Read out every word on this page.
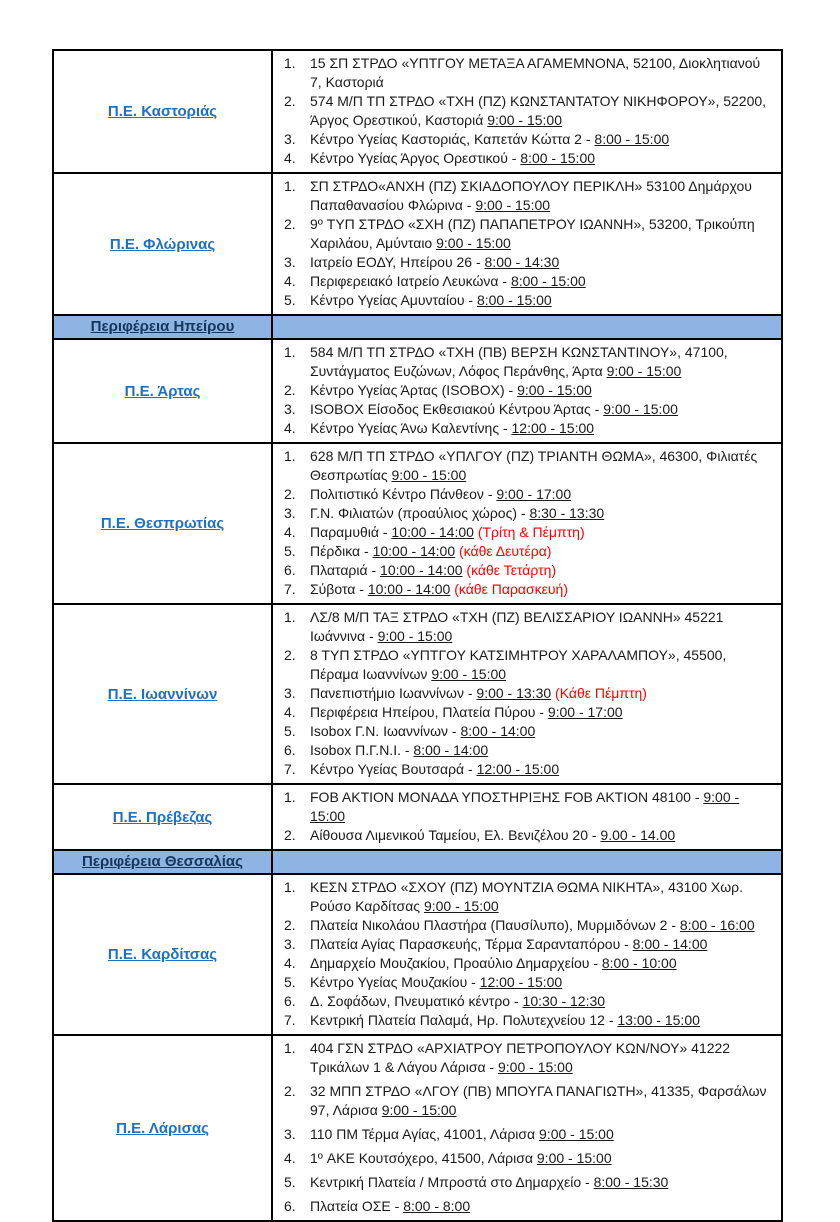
Π.Ε. Καστοριάς
1.	15 ΣΠ ΣΤΡΔΟ «ΥΠΤΓΟΥ ΜΕΤΑΞΑ ΑΓΑΜΕΜΝΟΝΑ, 52100, Διοκλητιανού 7, Καστοριά
2.	574 Μ/Π ΤΠ ΣΤΡΔΟ «ΤΧΗ (ΠΖ) ΚΩΝΣΤΑΝΤΑΤΟΥ ΝΙΚΗΦΟΡΟΥ», 52200, Άργος Ορεστικού, Καστοριά 9:00 - 15:00
3.	Κέντρο Υγείας Καστοριάς, Καπετάν Κώττα 2 - 8:00 - 15:00
4.	Κέντρο Υγείας Άργος Ορεστικού - 8:00 - 15:00
Π.Ε. Φλώρινας
1.	ΣΠ ΣΤΡΔΟ«ΑΝΧΗ (ΠΖ) ΣΚΙΑΔΟΠΟΥΛΟΥ ΠΕΡΙΚΛΗ» 53100 Δημάρχου Παπαθανασίου Φλώρινα - 9:00 - 15:00
2.	9º ΤΥΠ ΣΤΡΔΟ «ΣΧΗ (ΠΖ) ΠΑΠΑΠΕΤΡΟΥ ΙΩΑΝΝΗ», 53200, Τρικούπη Χαριλάου, Αμύνταιο 9:00 - 15:00
3.	Ιατρείο ΕΟΔΥ, Ηπείρου 26 - 8:00 - 14:30
4.	Περιφερειακό Ιατρείο Λευκώνα - 8:00 - 15:00
5.	Κέντρο Υγείας Αμυνταίου - 8:00 - 15:00
Περιφέρεια Ηπείρου
Π.Ε. Άρτας
1.	584 Μ/Π ΤΠ ΣΤΡΔΟ «ΤΧΗ (ΠΒ) ΒΕΡΣΗ ΚΩΝΣΤΑΝΤΙΝΟΥ», 47100, Συντάγματος Ευζώνων, Λόφος Περάνθης, Άρτα 9:00 - 15:00
2.	Κέντρο Υγείας Άρτας (ISOBOX) - 9:00 - 15:00
3.	ISOBOX Είσοδος Εκθεσιακού Κέντρου Άρτας - 9:00 - 15:00
4.	Κέντρο Υγείας Άνω Καλεντίνης - 12:00 - 15:00
Π.Ε. Θεσπρωτίας
1.	628 Μ/Π ΤΠ ΣΤΡΔΟ «ΥΠΛΓΟΥ (ΠΖ) ΤΡΙΑΝΤΗ ΘΩΜΑ», 46300, Φιλιατές Θεσπρωτίας 9:00 - 15:00
2.	Πολιτιστικό Κέντρο Πάνθεον - 9:00 - 17:00
3.	Γ.Ν. Φιλιατών (προαύλιος χώρος) - 8:30 - 13:30
4.	Παραμυθιά - 10:00 - 14:00 (Τρίτη & Πέμπτη)
5.	Πέρδικα - 10:00 - 14:00 (κάθε Δευτέρα)
6.	Πλαταριά - 10:00 - 14:00 (κάθε Τετάρτη)
7.	Σύβοτα - 10:00 - 14:00 (κάθε Παρασκευή)
Π.Ε. Ιωαννίνων
1.	ΛΣ/8 Μ/Π ΤΑΞ ΣΤΡΔΟ «ΤΧΗ (ΠΖ) ΒΕΛΙΣΣΑΡΙΟΥ ΙΩΑΝΝΗ» 45221 Ιωάννινα - 9:00 - 15:00
2.	8 ΤΥΠ ΣΤΡΔΟ «ΥΠΤΓΟΥ ΚΑΤΣΙΜΗΤΡΟΥ ΧΑΡΑΛΑΜΠΟΥ», 45500, Πέραμα Ιωαννίνων 9:00 - 15:00
3.	Πανεπιστήμιο Ιωαννίνων - 9:00 - 13:30 (Κάθε Πέμπτη)
4.	Περιφέρεια Ηπείρου, Πλατεία Πύρου - 9:00 - 17:00
5.	Isobox Γ.Ν. Ιωαννίνων - 8:00 - 14:00
6.	Isobox Π.Γ.Ν.Ι. - 8:00 - 14:00
7.	Κέντρο Υγείας Βουτσαρά - 12:00 - 15:00
Π.Ε. Πρέβεζας
1.	FOB AKTION ΜΟΝΑΔΑ ΥΠΟΣΤΗΡΙΞΗΣ FOB AKTION 48100 - 9:00 - 15:00
2.	Αίθουσα Λιμενικού Ταμείου, Ελ. Βενιζέλου 20 - 9.00 - 14.00
Περιφέρεια Θεσσαλίας
Π.Ε. Καρδίτσας
1.	ΚΕΣΝ ΣΤΡΔΟ «ΣΧΟΥ (ΠΖ) ΜΟΥΝΤΖΙΑ ΘΩΜΑ ΝΙΚΗΤΑ», 43100 Χωρ. Ρούσο Καρδίτσας 9:00 - 15:00
2.	Πλατεία Νικολάου Πλαστήρα (Παυσίλυπο), Μυρμιδόνων 2 - 8:00 - 16:00
3.	Πλατεία Αγίας Παρασκευής, Τέρμα Σαρανταπόρου - 8:00 - 14:00
4.	Δημαρχείο Μουζακίου, Προαύλιο Δημαρχείου - 8:00 - 10:00
5.	Κέντρο Υγείας Μουζακίου - 12:00 - 15:00
6.	Δ. Σοφάδων, Πνευματικό κέντρο - 10:30 - 12:30
7.	Κεντρική Πλατεία Παλαμά, Ηρ. Πολυτεχνείου 12 - 13:00 - 15:00
Π.Ε. Λάρισας
1.	404 ΓΣΝ ΣΤΡΔΟ «ΑΡΧΙΑΤΡΟΥ ΠΕΤΡΟΠΟΥΛΟΥ ΚΩΝ/ΝΟΥ» 41222 Τρικάλων 1 & Λάγου Λάρισα - 9:00 - 15:00
2.	32 ΜΠΠ ΣΤΡΔΟ «ΛΓΟΥ (ΠΒ) ΜΠΟΥΓΑ ΠΑΝΑΓΙΩΤΗ», 41335, Φαρσάλων 97, Λάρισα 9:00 - 15:00
3.	110 ΠΜ Τέρμα Αγίας, 41001, Λάρισα 9:00 - 15:00
4.	1º ΑΚΕ Κουτσόχερο, 41500, Λάρισα 9:00 - 15:00
5.	Κεντρική Πλατεία / Μπροστά στο Δημαρχείο - 8:00 - 15:30
6.	Πλατεία ΟΣΕ - 8:00 - 8:00
